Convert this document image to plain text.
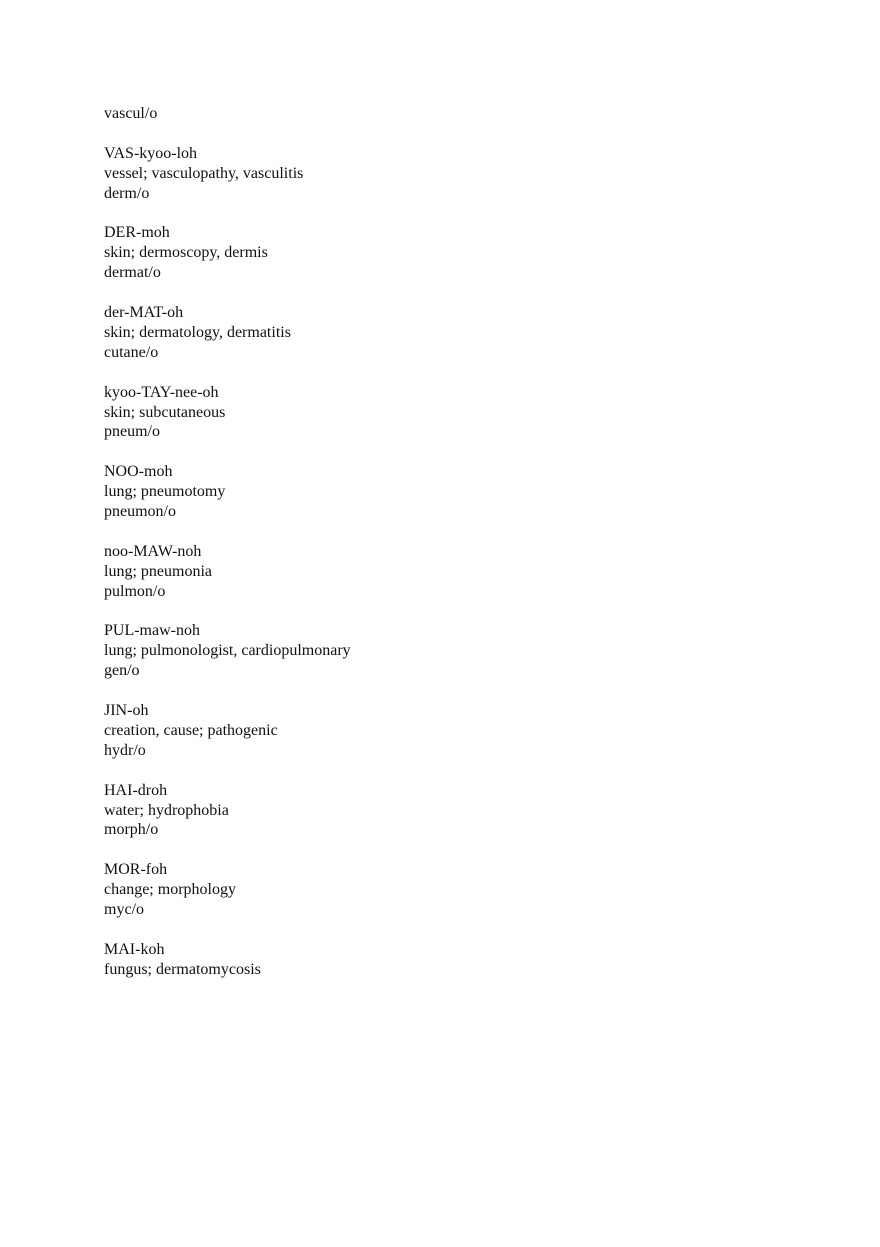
vascul/o
VAS-kyoo-loh
vessel; vasculopathy, vasculitis
derm/o
DER-moh
skin; dermoscopy, dermis
dermat/o
der-MAT-oh
skin; dermatology, dermatitis
cutane/o
kyoo-TAY-nee-oh
skin; subcutaneous
pneum/o
NOO-moh
lung; pneumotomy
pneumon/o
noo-MAW-noh
lung; pneumonia
pulmon/o
PUL-maw-noh
lung; pulmonologist, cardiopulmonary
gen/o
JIN-oh
creation, cause; pathogenic
hydr/o
HAI-droh
water; hydrophobia
morph/o
MOR-foh
change; morphology
myc/o
MAI-koh
fungus; dermatomycosis
